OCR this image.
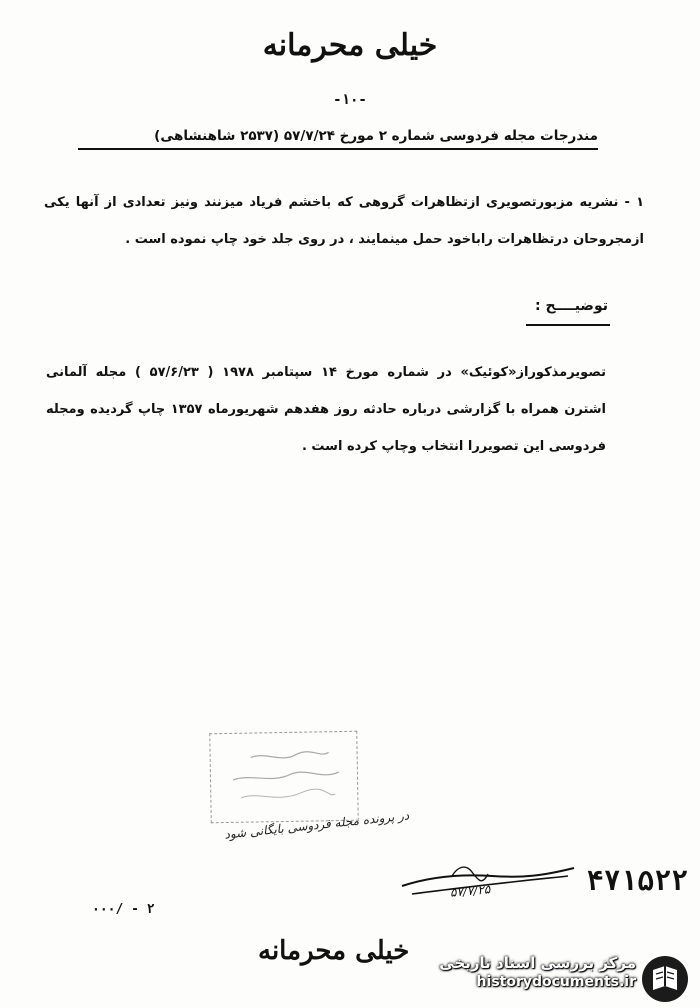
خیلی محرمانه
-۱۰-
مندرجات مجله فردوسی شماره ۲ مورخ ۵۷/۷/۲۴ (۲۵۳۷ شاهنشاهی)
۱ - نشریه مزبورتصویری ازتظاهرات گروهی که باخشم فریاد میزنند ونیز تعدادی از آنها یکی ازمجروحان درتظاهرات راباخود حمل مینمایند ، در روی جلد خود چاپ نموده است .
توضیــــح :
تصویرمذکوراز«کوئیک» در شماره مورخ ۱۴ سپتامبر ۱۹۷۸ ( ۵۷/۶/۲۳ ) مجله آلمانی اشترن همراه با گزارشی درباره حادثه روز هفدهم شهریورماه ۱۳۵۷ چاپ گردیده ومجله فردوسی این تصویررا انتخاب وچاپ کرده است .
در پرونده مجله فردوسی بایگانی شود
۵۷/۷/۲۵	۴۷۱۵۲۲
۰۰۰/ - ۲
خیلی محرمانه مرکز بررسی اسناد تاریخی
historydocuments.ir
